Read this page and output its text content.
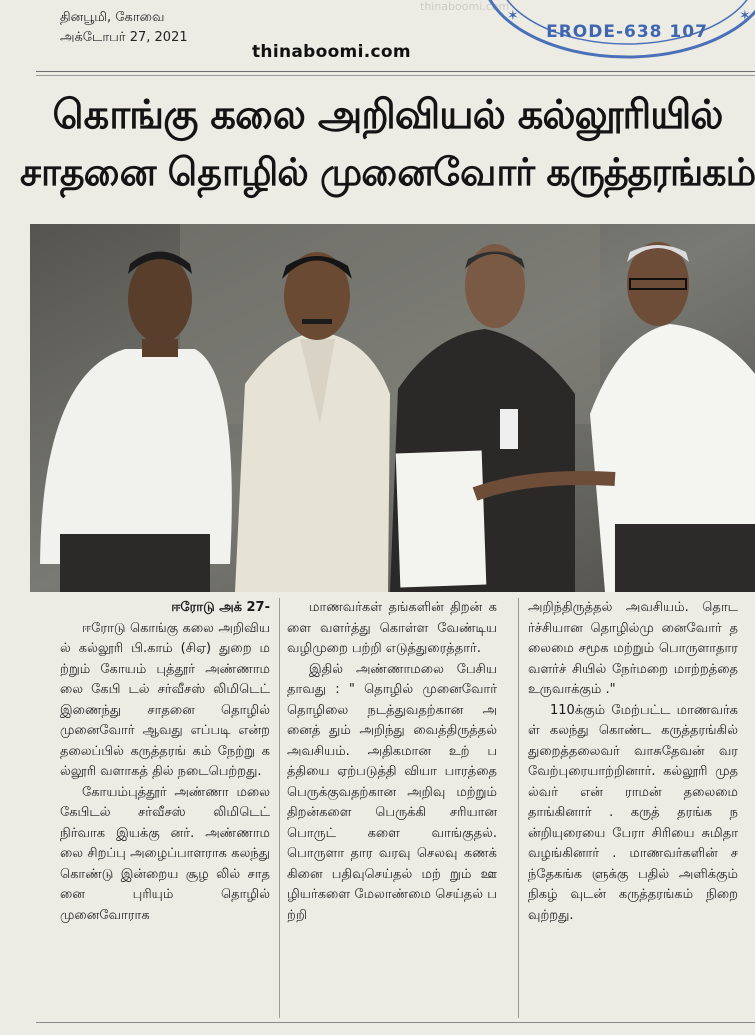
thinaboomi.com
தினபூமி, கோவை
அக்டோபர் 27, 2021
thinaboomi.com
ERODE-638 107
✶	✶
கொங்கு கலை அறிவியல் கல்லூரியில்
சாதனை தொழில் முனைவோர் கருத்தரங்கம்
ஈரோடு அக் 27-

ஈரோடு கொங்கு கலை அறிவியல் கல்லூரி பி.காம் (சிஏ) துறை மற்றும் கோயம் புத்தூர் அண்ணாமலை கேபி டல் சர்வீசஸ் லிமிடெட் இணைந்து சாதனை தொழில் முனைவோர் ஆவது எப்படி என்ற தலைப்பில் கருத்தரங் கம் நேற்று கல்லூரி வளாகத் தில் நடைபெற்றது.

கோயம்புத்தூர் அண்ணா மலை கேபிடல் சர்வீசஸ் லிமிடெட் நிர்வாக இயக்கு னர். அண்ணாமலை சிறப்பு அழைப்பாளராக கலந்து கொண்டு இன்றைய சூழ லில் சாதனை புரியும் தொழில் முனைவோராக

மாணவர்கள் தங்களின் திறன் களை வளர்த்து கொள்ள வேண்டிய வழிமுறை பற்றி எடுத்துரைத்தார்.

இதில் அண்ணாமலை பேசியதாவது : " தொழில் முனைவோர் தொழிலை நடத்துவதற்கான அனைத் தும் அறிந்து வைத்திருத்தல் அவசியம். அதிகமான உற் பத்தியை ஏற்படுத்தி வியா பாரத்தை பெருக்குவதற்கான அறிவு மற்றும் திறன்களை பெருக்கி சரியான பொருட் களை வாங்குதல். பொருளா தார வரவு செலவு கணக் கினை பதிவுசெய்தல் மற் றும் ஊழியர்களை மேலாண்மை செய்தல் பற்றி

அறிந்திருத்தல் அவசியம். தொடர்ச்சியான தொழில்மு னைவோர் தலைமை சமூக மற்றும் பொருளாதார வளர்ச் சியில் நேர்மறை மாற்றத்தை உருவாக்கும் ."

110க்கும் மேற்பட்ட மாணவர்கள் கலந்து கொண்ட கருத்தரங்கில் துறைத்தலைவர் வாசுதேவன் வரவேற்புரையாற்றினார். கல்லூரி முதல்வர் என் ராமன் தலைமை தாங்கினார் . கருத் தரங்க நன்றியுரையை பேரா சிரியை சுமிதா வழங்கினார் . மாணவர்களின் சந்தேகங்க ளுக்கு பதில் அளிக்கும் நிகழ் வுடன் கருத்தரங்கம் நிறை வுற்றது.
